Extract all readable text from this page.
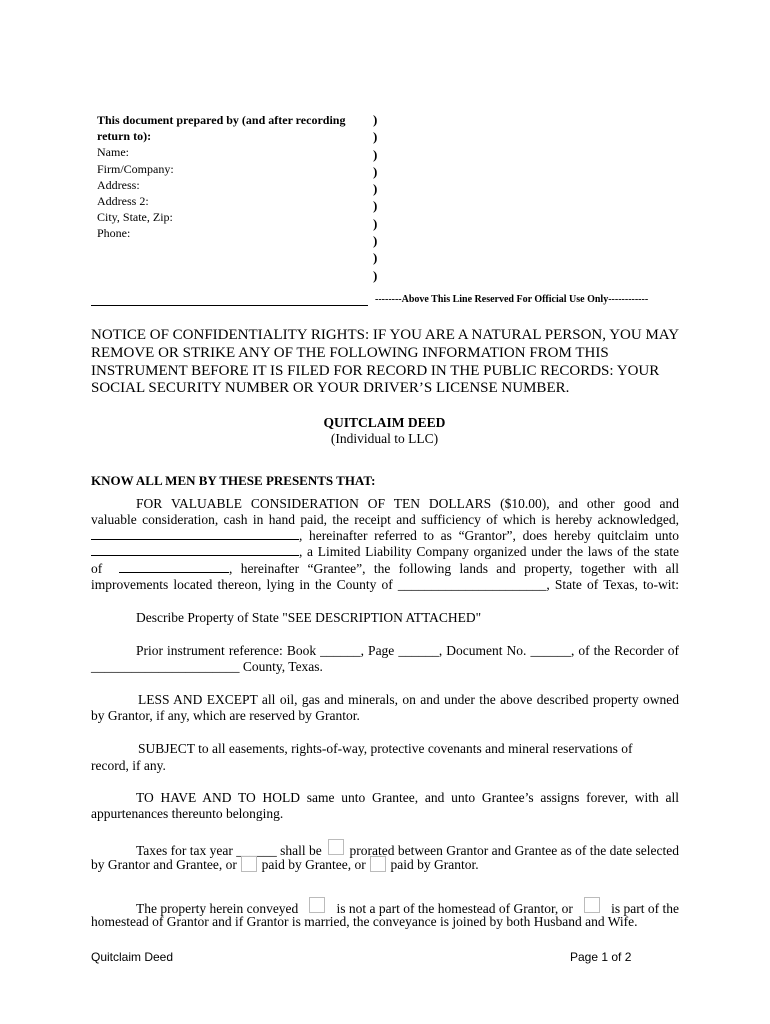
This document prepared by (and after recording
return to):
Name:
Firm/Company:
Address:
Address 2:
City, State, Zip:
Phone:
)
)
)
)
)
)
)
)
)
)
--------Above This Line Reserved For Official Use Only------------
NOTICE OF CONFIDENTIALITY RIGHTS: IF YOU ARE A NATURAL PERSON, YOU MAY REMOVE OR STRIKE ANY OF THE FOLLOWING INFORMATION FROM THIS INSTRUMENT BEFORE IT IS FILED FOR RECORD IN THE PUBLIC RECORDS: YOUR SOCIAL SECURITY NUMBER OR YOUR DRIVER’S LICENSE NUMBER.
QUITCLAIM DEED
(Individual to LLC)
KNOW ALL MEN BY THESE PRESENTS THAT:
FOR VALUABLE CONSIDERATION OF TEN DOLLARS ($10.00), and other good and
valuable consideration, cash in hand paid, the receipt and sufficiency of which is hereby acknowledged,
, hereinafter referred to as “Grantor”, does hereby quitclaim unto
, a Limited Liability Company organized under the laws of the state
of	, hereinafter “Grantee”, the following lands and property, together with all
improvements located thereon, lying in the County of ______________________, State of Texas, to-wit:
Describe Property of State "SEE DESCRIPTION ATTACHED"
Prior instrument reference: Book ______, Page ______, Document No. ______, of the Recorder of
______________________ County, Texas.
LESS AND EXCEPT all oil, gas and minerals, on and under the above described property owned
by Grantor, if any, which are reserved by Grantor.
SUBJECT to all easements, rights-of-way, protective covenants and mineral reservations of
record, if any.
TO HAVE AND TO HOLD same unto Grantee, and unto Grantee’s assigns forever, with all
appurtenances thereunto belonging.
Taxes for tax year ______ shall be prorated between Grantor and Grantee as of the date selected
by Grantor and Grantee, or paid by Grantee, or paid by Grantor.
The property herein conveyed	is not a part of the homestead of Grantor, or	is part of the
homestead of Grantor and if Grantor is married, the conveyance is joined by both Husband and Wife.
Quitclaim Deed	Page 1 of 2
